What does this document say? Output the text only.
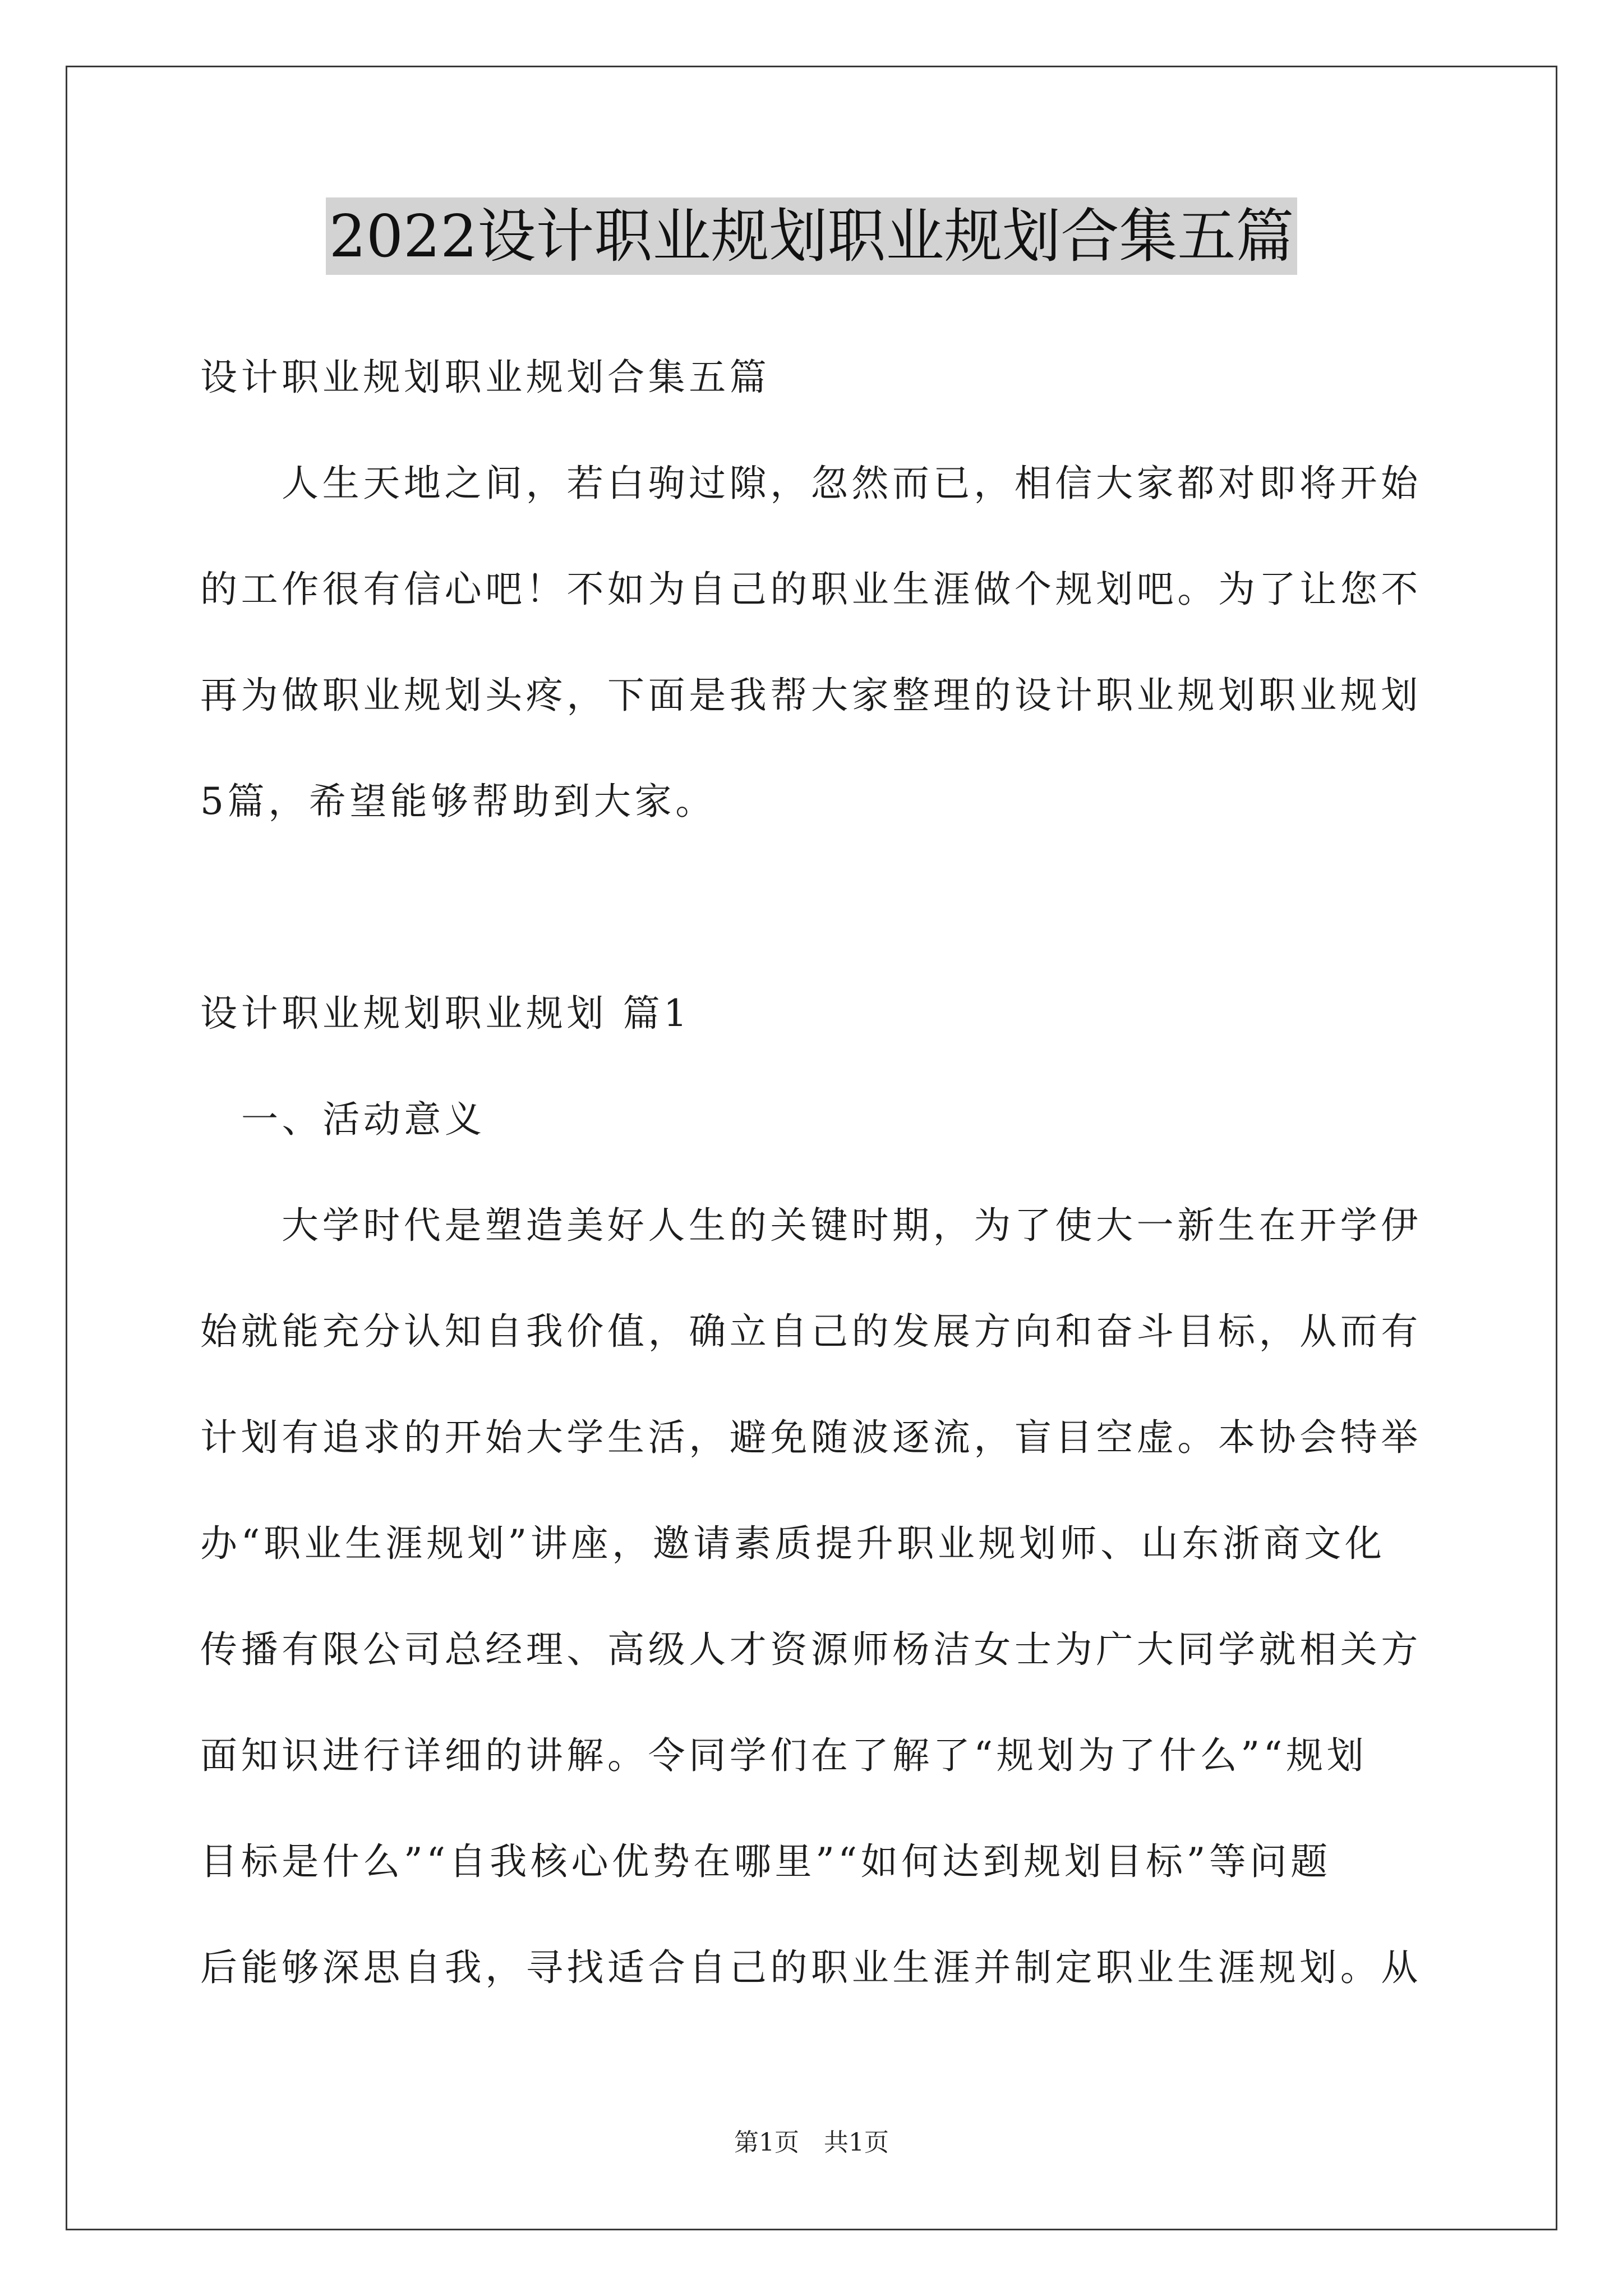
2022设计职业规划职业规划合集五篇
设计职业规划职业规划合集五篇
人生天地之间，若白驹过隙，忽然而已，相信大家都对即将开始
的工作很有信心吧！不如为自己的职业生涯做个规划吧。为了让您不
再为做职业规划头疼，下面是我帮大家整理的设计职业规划职业规划
5篇，希望能够帮助到大家。
设计职业规划职业规划 篇1
一、活动意义
大学时代是塑造美好人生的关键时期，为了使大一新生在开学伊
始就能充分认知自我价值，确立自己的发展方向和奋斗目标，从而有
计划有追求的开始大学生活，避免随波逐流，盲目空虚。本协会特举
办“职业生涯规划”讲座，邀请素质提升职业规划师、山东浙商文化
传播有限公司总经理、高级人才资源师杨洁女士为广大同学就相关方
面知识进行详细的讲解。令同学们在了解了“规划为了什么”“规划
目标是什么”“自我核心优势在哪里”“如何达到规划目标”等问题
后能够深思自我，寻找适合自己的职业生涯并制定职业生涯规划。从
第1页　共1页
